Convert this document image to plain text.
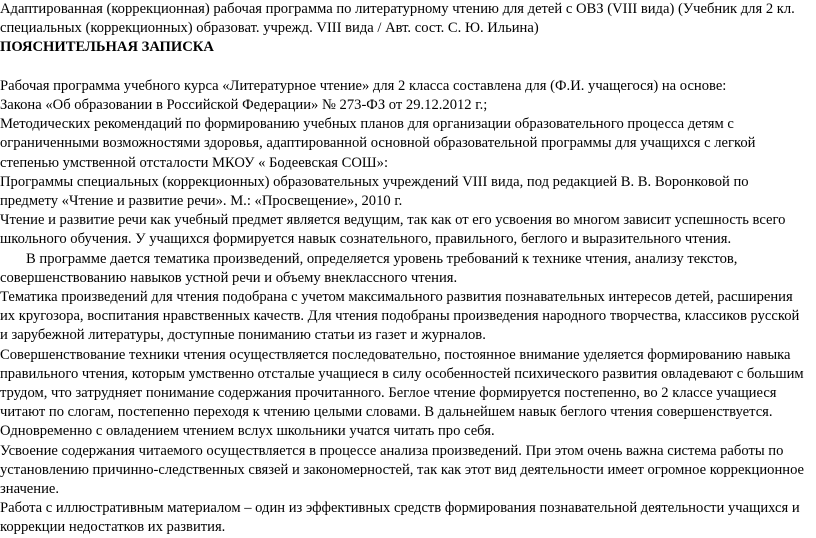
Адаптированная (коррекционная) рабочая программа по литературному чтению для детей с ОВЗ (VIII вида) (Учебник для 2 кл. специальных (коррекционных) образоват. учрежд. VIII вида / Авт. сост. С. Ю. Ильина)

ПОЯСНИТЕЛЬНАЯ ЗАПИСКА

Рабочая программа учебного курса «Литературное чтение» для 2 класса составлена для (Ф.И. учащегося) на основе:

Закона «Об образовании в Российской Федерации» № 273-ФЗ от 29.12.2012 г.;

Методических рекомендаций по формированию учебных планов для организации образовательного процесса детям с ограниченными возможностями здоровья, адаптированной основной образовательной программы для учащихся с легкой степенью умственной отсталости МКОУ « Бодеевская СОШ»:

Программы специальных (коррекционных) образовательных учреждений VIII вида, под редакцией В. В. Воронковой по предмету «Чтение и развитие речи». М.: «Просвещение», 2010 г.

Чтение и развитие речи как учебный предмет является ведущим, так как от его усвоения во многом зависит успешность всего школьного обучения. У учащихся формируется навык сознательного, правильного, беглого и выразительного чтения.

В программе дается тематика произведений, определяется уровень требований к технике чтения, анализу текстов, совершенствованию навыков устной речи и объему внеклассного чтения.

Тематика произведений для чтения подобрана с учетом максимального развития познавательных интересов детей, расширения их кругозора, воспитания нравственных качеств. Для чтения подобраны произведения народного творчества, классиков русской и зарубежной литературы, доступные пониманию статьи из газет и журналов.

Совершенствование техники чтения осуществляется последовательно, постоянное внимание уделяется формированию навыка правильного чтения, которым умственно отсталые учащиеся в силу особенностей психического развития овладевают с большим трудом, что затрудняет понимание содержания прочитанного. Беглое чтение формируется постепенно, во 2 классе учащиеся читают по слогам, постепенно переходя к чтению целыми словами. В дальнейшем навык беглого чтения совершенствуется. Одновременно с овладением чтением вслух школьники учатся читать про себя.

Усвоение содержания читаемого осуществляется в процессе анализа произведений. При этом очень важна система работы по установлению причинно-следственных связей и закономерностей, так как этот вид деятельности имеет огромное коррекционное значение.

Работа с иллюстративным материалом – один из эффективных средств формирования познавательной деятельности учащихся и коррекции недостатков их развития.
